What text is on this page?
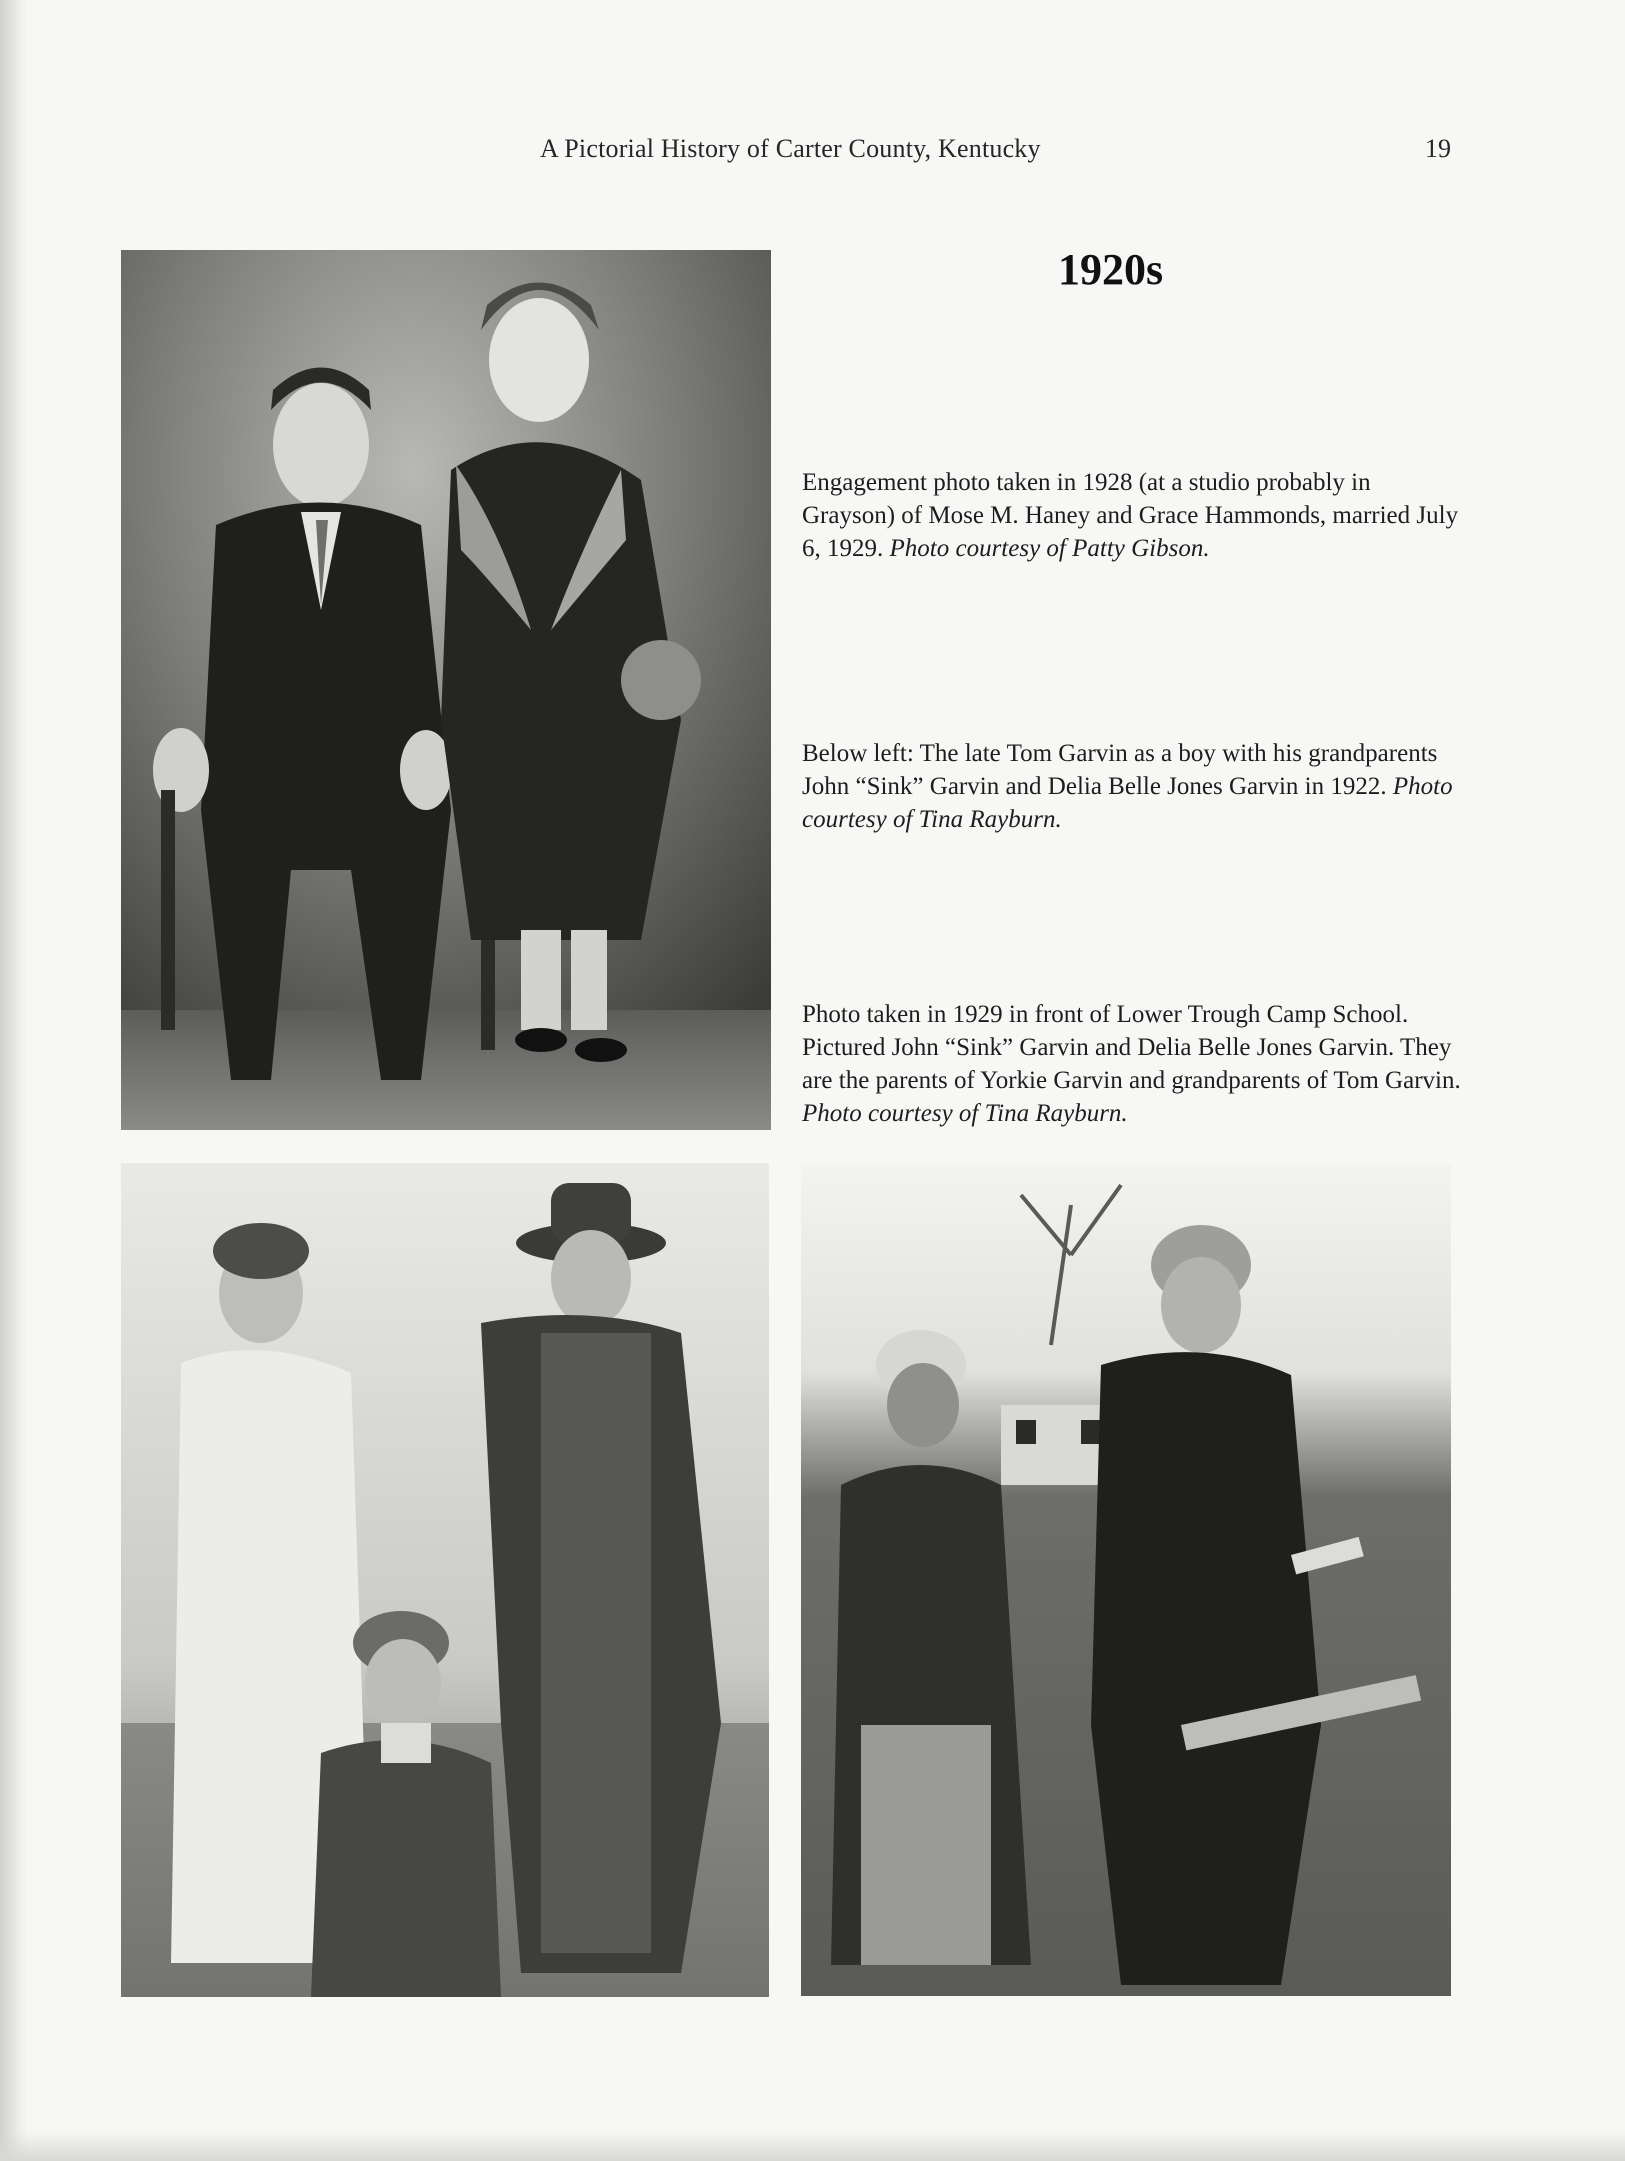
A Pictorial History of Carter County, Kentucky	19
1920s
Engagement photo taken in 1928 (at a studio probably in Grayson) of Mose M. Haney and Grace Hammonds, married July 6, 1929. Photo courtesy of Patty Gibson.
Below left: The late Tom Garvin as a boy with his grandparents John “Sink” Garvin and Delia Belle Jones Garvin in 1922. Photo courtesy of Tina Rayburn.
Photo taken in 1929 in front of Lower Trough Camp School. Pictured John “Sink” Garvin and Delia Belle Jones Garvin. They are the parents of Yorkie Garvin and grandparents of Tom Garvin. Photo courtesy of Tina Rayburn.
